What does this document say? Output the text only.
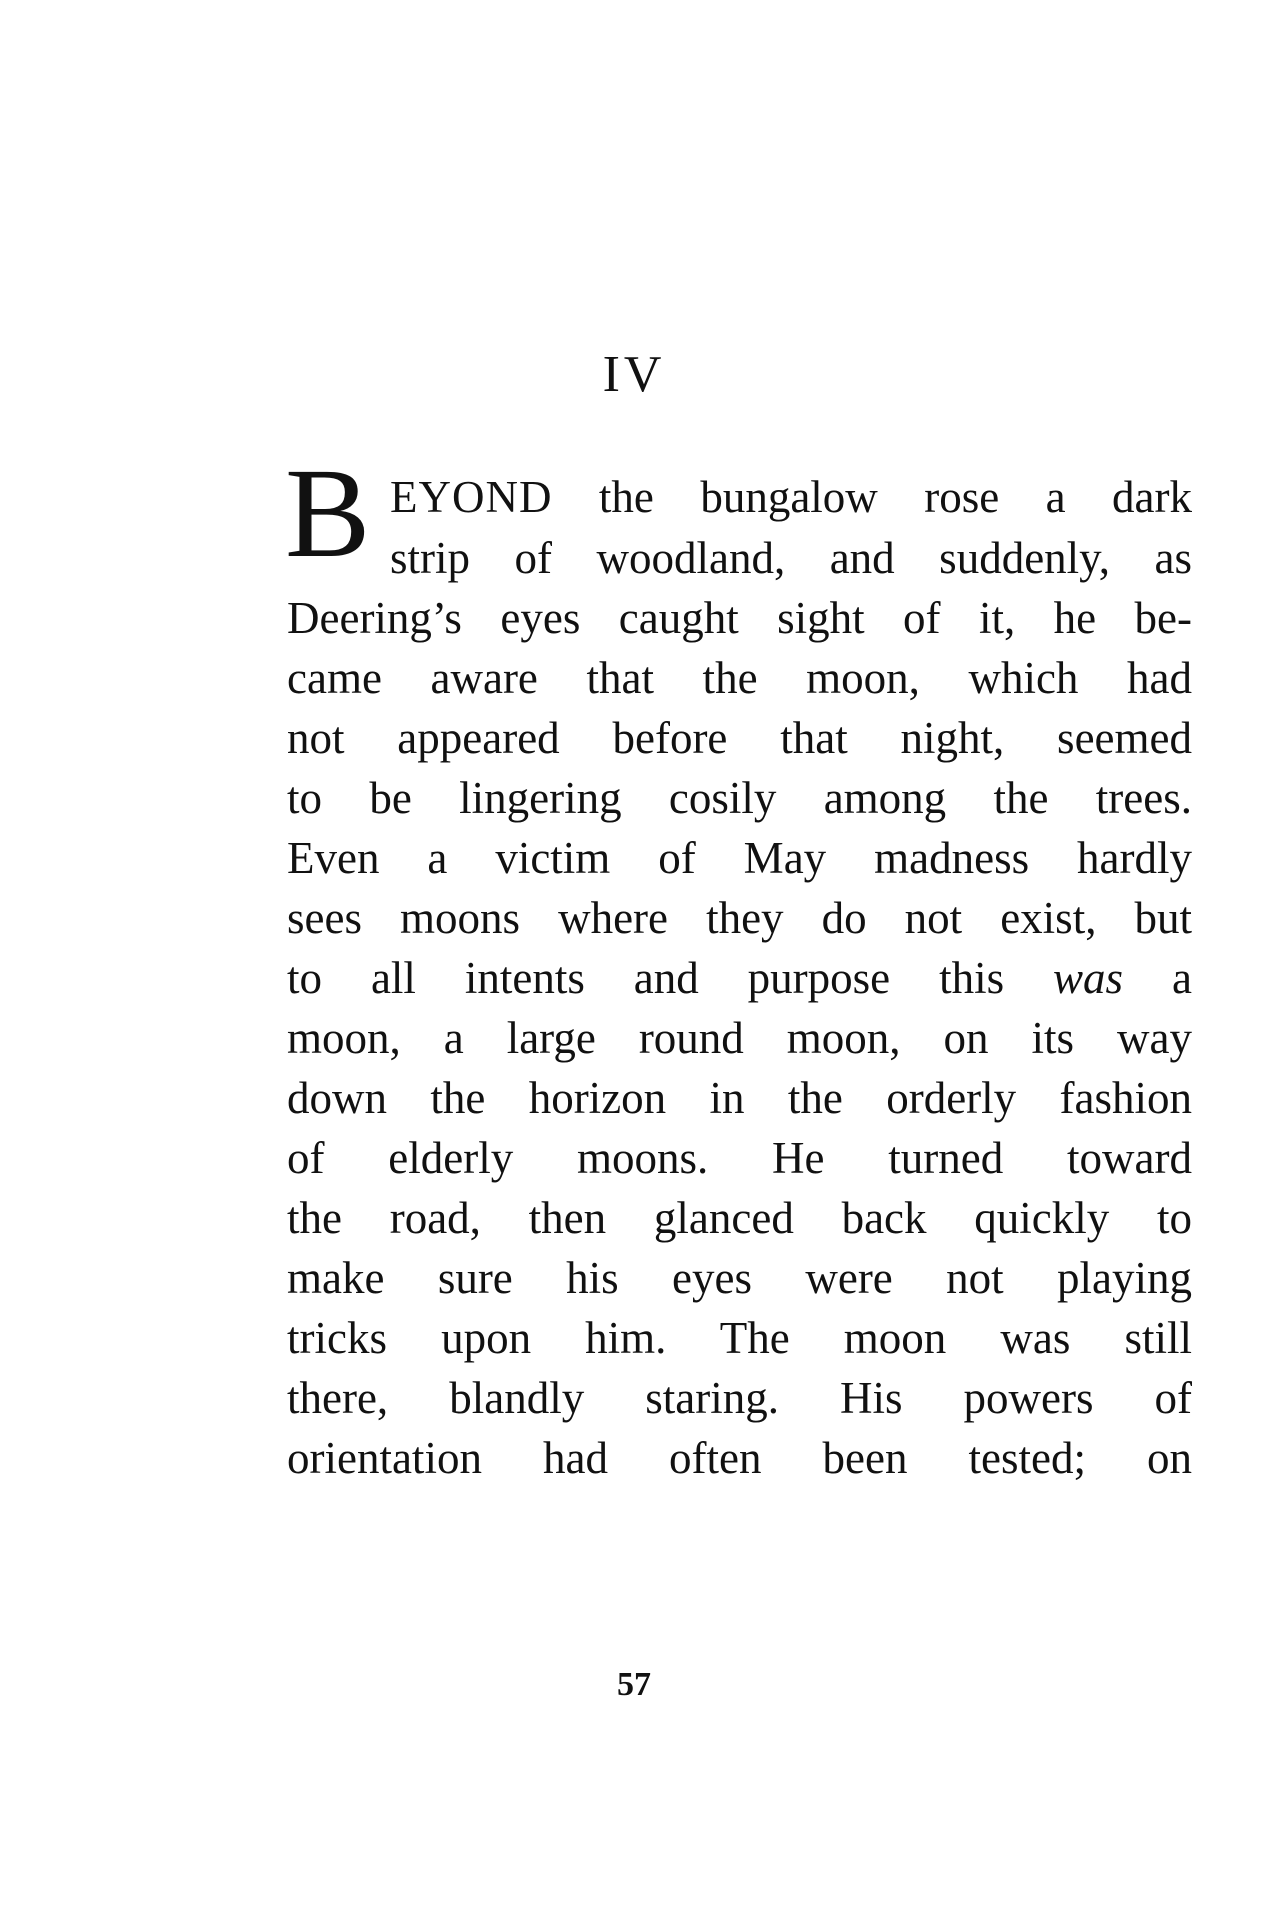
IV
B EYOND the bungalow rose a dark
strip of woodland, and suddenly, as
Deering’s eyes caught sight of it, he be-
came aware that the moon, which had
not appeared before that night, seemed
to be lingering cosily among the trees.
Even a victim of May madness hardly
sees moons where they do not exist, but
to all intents and purpose this was a
moon, a large round moon, on its way
down the horizon in the orderly fashion
of elderly moons. He turned toward
the road, then glanced back quickly to
make sure his eyes were not playing
tricks upon him. The moon was still
there, blandly staring. His powers of
orientation had often been tested; on
57
